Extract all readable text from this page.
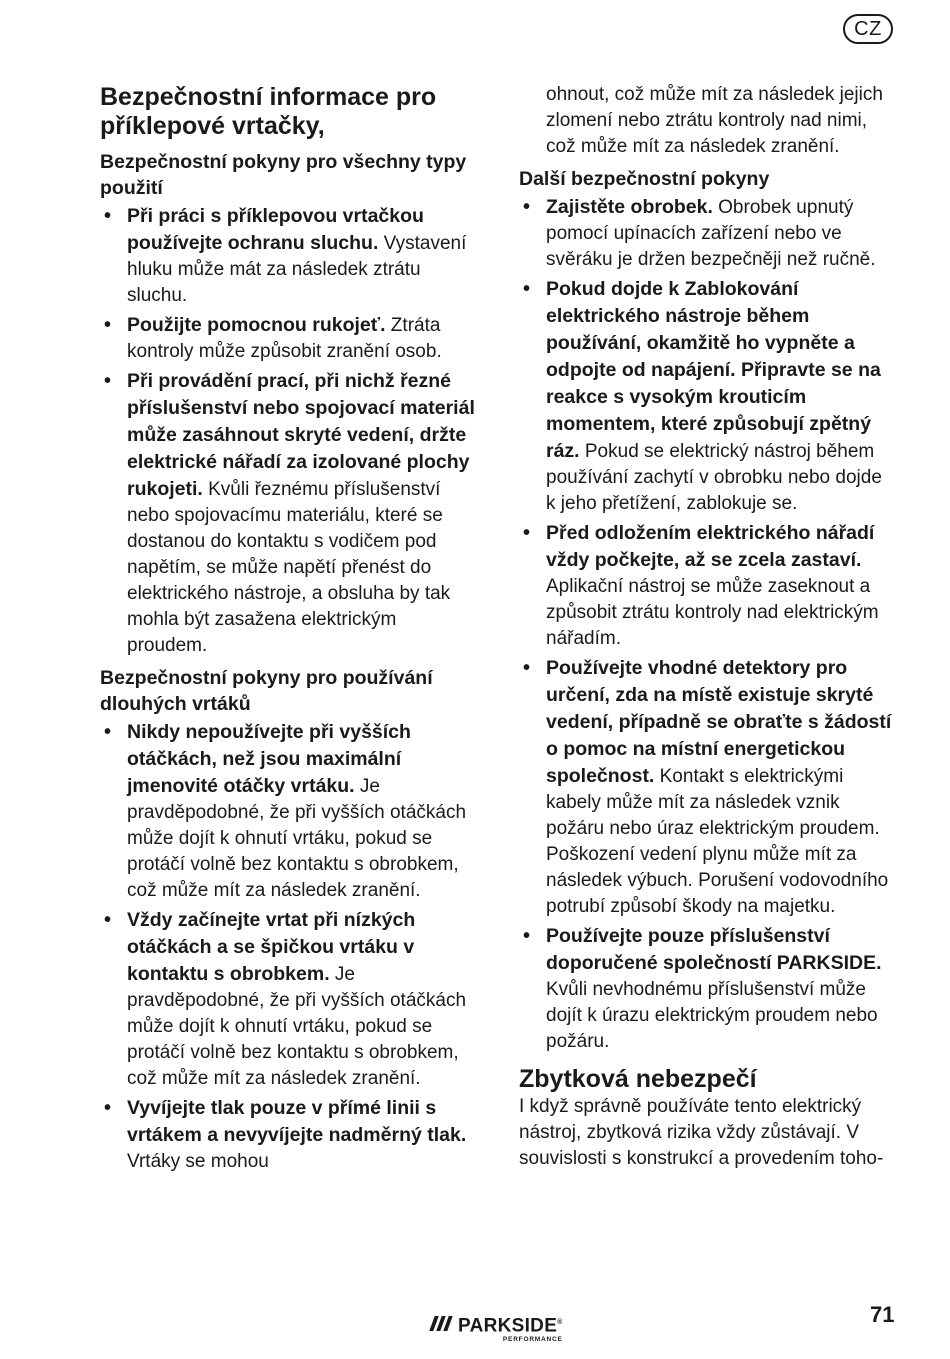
CZ
Bezpečnostní informace pro příklepové vrtačky,
Bezpečnostní pokyny pro všechny typy použití
• Při práci s příklepovou vrtačkou používejte ochranu sluchu. Vystavení hluku může mát za následek ztrátu sluchu.
• Použijte pomocnou rukojeť. Ztráta kontroly může způsobit zranění osob.
• Při provádění prací, při nichž řezné příslušenství nebo spojovací materiál může zasáhnout skryté vedení, držte elektrické nářadí za izolované plochy rukojeti. Kvůli řeznému příslušenství nebo spojovacímu materiálu, které se dostanou do kontaktu s vodičem pod napětím, se může napětí přenést do elektrického nástroje, a obsluha by tak mohla být zasažena elektrickým proudem.
Bezpečnostní pokyny pro používání dlouhých vrtáků
• Nikdy nepoužívejte při vyšších otáčkách, než jsou maximální jmenovité otáčky vrtáku. Je pravděpodobné, že při vyšších otáčkách může dojít k ohnutí vrtáku, pokud se protáčí volně bez kontaktu s obrobkem, což může mít za následek zranění.
• Vždy začínejte vrtat při nízkých otáčkách a se špičkou vrtáku v kontaktu s obrobkem. Je pravděpodobné, že při vyšších otáčkách může dojít k ohnutí vrtáku, pokud se protáčí volně bez kontaktu s obrobkem, což může mít za následek zranění.
• Vyvíjejte tlak pouze v přímé linii s vrtákem a nevyvíjejte nadměrný tlak. Vrtáky se mohou

ohnout, což může mít za následek jejich zlomení nebo ztrátu kontroly nad nimi, což může mít za následek zranění.

Další bezpečnostní pokyny
• Zajistěte obrobek. Obrobek upnutý pomocí upínacích zařízení nebo ve svěráku je držen bezpečněji než ručně.
• Pokud dojde k Zablokování elektrického nástroje během používání, okamžitě ho vypněte a odpojte od napájení. Připravte se na reakce s vysokým krouticím momentem, které způsobují zpětný ráz. Pokud se elektrický nástroj během používání zachytí v obrobku nebo dojde k jeho přetížení, zablokuje se.
• Před odložením elektrického nářadí vždy počkejte, až se zcela zastaví. Aplikační nástroj se může zaseknout a způsobit ztrátu kontroly nad elektrickým nářadím.
• Používejte vhodné detektory pro určení, zda na místě existuje skryté vedení, případně se obraťte s žádostí o pomoc na místní energetickou společnost. Kontakt s elektrickými kabely může mít za následek vznik požáru nebo úraz elektrickým proudem. Poškození vedení plynu může mít za následek výbuch. Porušení vodovodního potrubí způsobí škody na majetku.
• Používejte pouze příslušenství doporučené společností PARKSIDE. Kvůli nevhodnému příslušenství může dojít k úrazu elektrickým proudem nebo požáru.
Zbytková nebezpečí

I když správně používáte tento elektrický nástroj, zbytková rizika vždy zůstávají. V souvislosti s konstrukcí a provedením toho-

PARKSIDE®
PERFORMANCE
71
